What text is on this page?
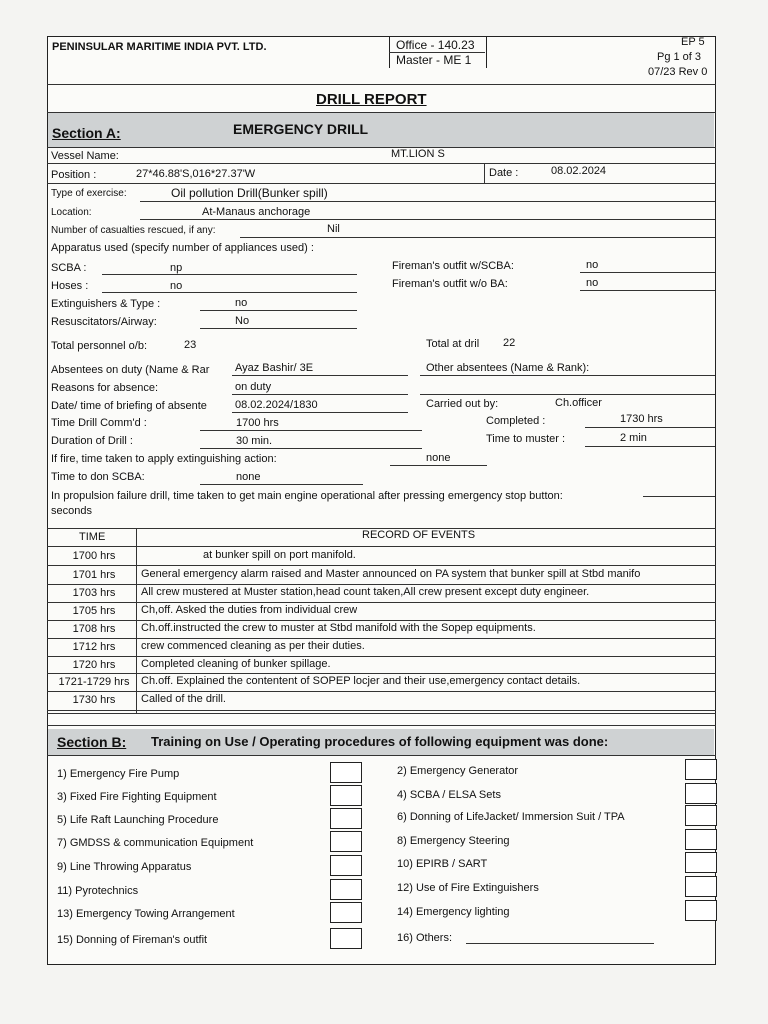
PENINSULAR MARITIME INDIA PVT. LTD.	Office - 140.23
Master - ME 1
EP 5
Pg 1 of 3
07/23 Rev 0
DRILL REPORT
Section A:	EMERGENCY DRILL
Vessel Name:	MT.LION S
Position :	27*46.88'S,016*27.37'W	Date :	08.02.2024
Type of exercise:	Oil pollution Drill(Bunker spill)
Location:	At-Manaus anchorage
Number of casualties rescued, if any:	Nil
Apparatus used (specify number of appliances used) :
SCBA :	np	Fireman's outfit w/SCBA:	no
Hoses :	no	Fireman's outfit w/o BA:	no
Extinguishers & Type :	no
Resuscitators/Airway:	No
Total personnel o/b:	23	Total at dril 22
Absentees on duty (Name & Rar Ayaz Bashir/ 3E	Other absentees (Name & Rank):
Reasons for absence:	on duty
Date/ time of briefing of absente	08.02.2024/1830	Carried out by:	Ch.officer
Time Drill Comm'd :	1700 hrs	Completed :	1730 hrs
Duration of Drill :	30 min.	Time to muster :	2 min
If fire, time taken to apply extinguishing action:	none
Time to don SCBA:	none
In propulsion failure drill, time taken to get main engine operational after pressing emergency stop button:
seconds
TIME	RECORD OF EVENTS
1700 hrs	at bunker spill on port manifold.
1701 hrs	General emergency alarm raised and Master announced on PA system that bunker spill at Stbd manifo
1703 hrs	All crew mustered at Muster station,head count taken,All crew present except duty engineer.
1705 hrs	Ch,off. Asked the duties from individual crew
1708 hrs	Ch.off.instructed the crew to muster at Stbd manifold with the Sopep equipments.
1712 hrs	crew commenced cleaning as per their duties.
1720 hrs	Completed cleaning of bunker spillage.
1721-1729 hrs	Ch.off. Explained the contentent of SOPEP locjer and their use,emergency contact details.
1730 hrs	Called of the drill.
Section B: Training on Use / Operating procedures of following equipment was done:
1) Emergency Fire Pump
3) Fixed Fire Fighting Equipment
5) Life Raft Launching Procedure
7) GMDSS & communication Equipment
9) Line Throwing Apparatus
11) Pyrotechnics
13) Emergency Towing Arrangement
15) Donning of Fireman's outfit
2) Emergency Generator
4) SCBA / ELSA Sets
6) Donning of LifeJacket/ Immersion Suit / TPA
8) Emergency Steering
10) EPIRB / SART
12) Use of Fire Extinguishers
14) Emergency lighting
16) Others:
